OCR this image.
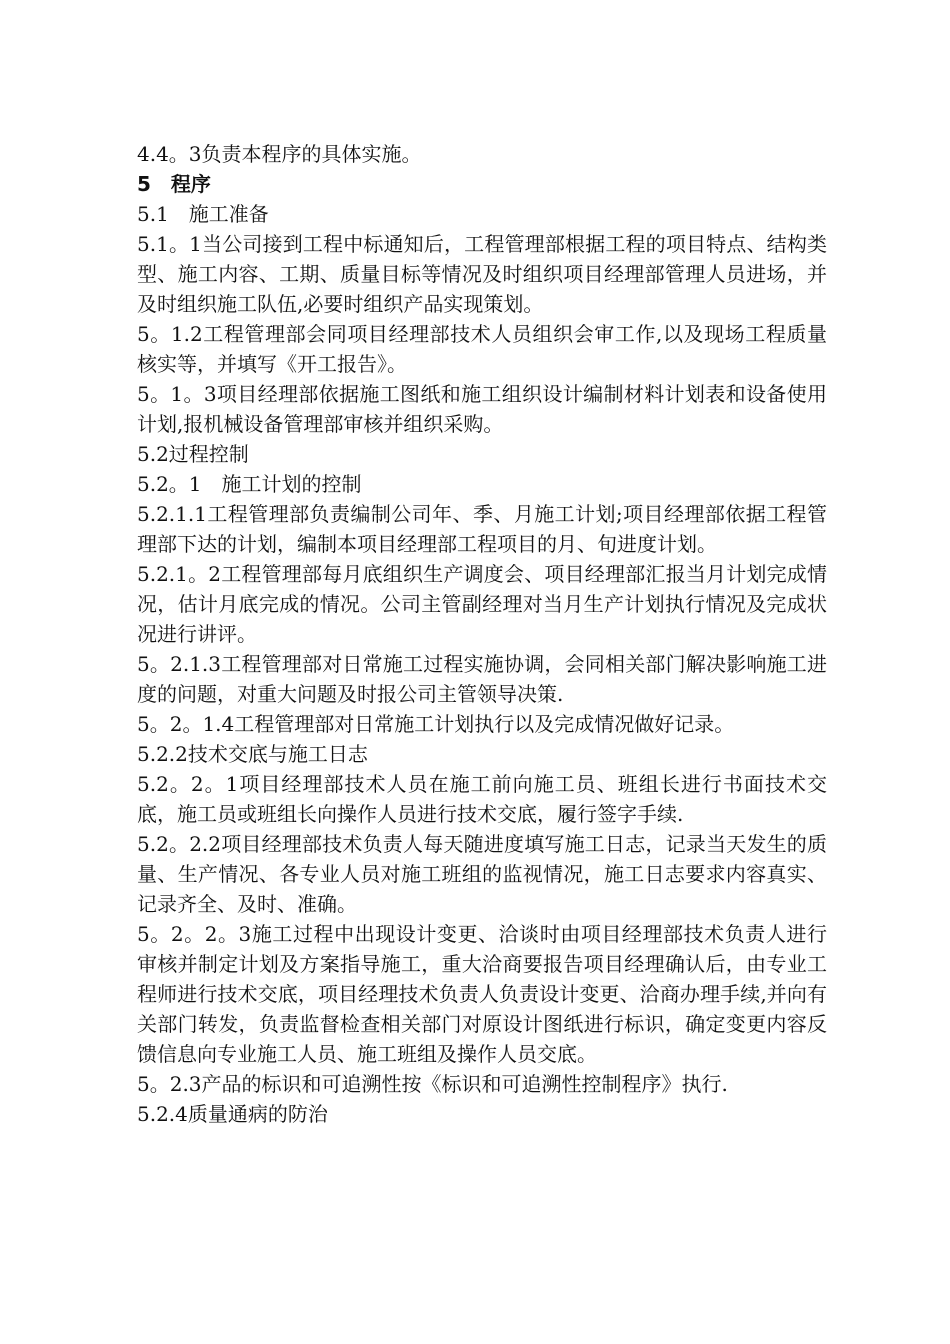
4.4。3负责本程序的具体实施。

5　程序

5.1　施工准备

5.1。1当公司接到工程中标通知后，工程管理部根据工程的项目特点、结构类型、施工内容、工期、质量目标等情况及时组织项目经理部管理人员进场，并及时组织施工队伍,必要时组织产品实现策划。

5。1.2工程管理部会同项目经理部技术人员组织会审工作,以及现场工程质量核实等，并填写《开工报告》。

5。1。3项目经理部依据施工图纸和施工组织设计编制材料计划表和设备使用计划,报机械设备管理部审核并组织采购。

5.2过程控制

5.2。1　施工计划的控制

5.2.1.1工程管理部负责编制公司年、季、月施工计划;项目经理部依据工程管理部下达的计划，编制本项目经理部工程项目的月、旬进度计划。

5.2.1。2工程管理部每月底组织生产调度会、项目经理部汇报当月计划完成情况，估计月底完成的情况。公司主管副经理对当月生产计划执行情况及完成状况进行讲评。

5。2.1.3工程管理部对日常施工过程实施协调，会同相关部门解决影响施工进度的问题，对重大问题及时报公司主管领导决策.

5。2。1.4工程管理部对日常施工计划执行以及完成情况做好记录。

5.2.2技术交底与施工日志

5.2。2。1项目经理部技术人员在施工前向施工员、班组长进行书面技术交底，施工员或班组长向操作人员进行技术交底，履行签字手续.

5.2。2.2项目经理部技术负责人每天随进度填写施工日志，记录当天发生的质量、生产情况、各专业人员对施工班组的监视情况，施工日志要求内容真实、记录齐全、及时、准确。

5。2。2。3施工过程中出现设计变更、洽谈时由项目经理部技术负责人进行审核并制定计划及方案指导施工，重大洽商要报告项目经理确认后，由专业工程师进行技术交底，项目经理技术负责人负责设计变更、洽商办理手续,并向有关部门转发，负责监督检查相关部门对原设计图纸进行标识，确定变更内容反馈信息向专业施工人员、施工班组及操作人员交底。

5。2.3产品的标识和可追溯性按《标识和可追溯性控制程序》执行.

5.2.4质量通病的防治
